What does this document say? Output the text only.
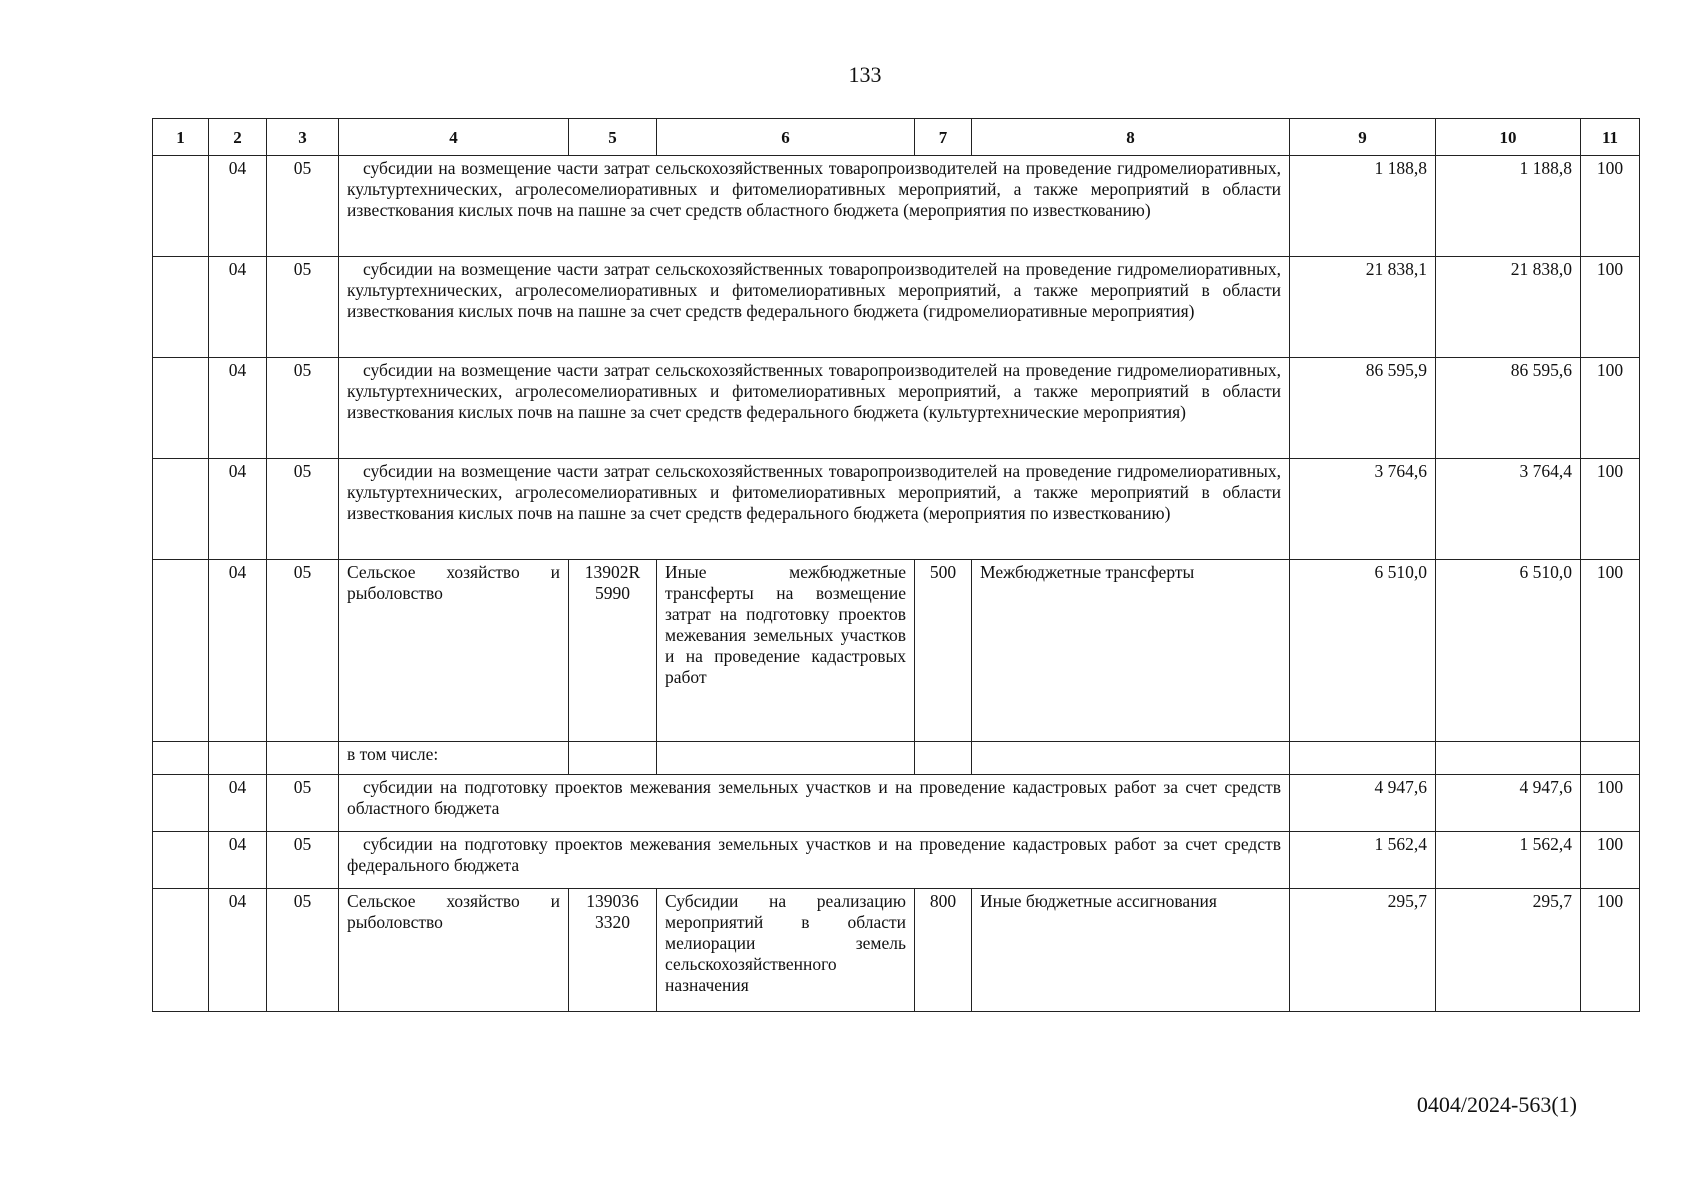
133
1	2	3	4	5	6	7	8	9	10	11
	04	05	субсидии на возмещение части затрат сельскохозяйственных товаропроизводителей на проведение гидромелиоративных, культуртехнических, агролесомелиоративных и фитомелиоративных мероприятий, а также мероприятий в области известкования кислых почв на пашне за счет средств областного бюджета (мероприятия по известкованию)					1 188,8	1 188,8	100
	04	05	субсидии на возмещение части затрат сельскохозяйственных товаропроизводителей на проведение гидромелиоративных, культуртехнических, агролесомелиоративных и фитомелиоративных мероприятий, а также мероприятий в области известкования кислых почв на пашне за счет средств федерального бюджета (гидромелиоративные мероприятия)					21 838,1	21 838,0	100
	04	05	субсидии на возмещение части затрат сельскохозяйственных товаропроизводителей на проведение гидромелиоративных, культуртехнических, агролесомелиоративных и фитомелиоративных мероприятий, а также мероприятий в области известкования кислых почв на пашне за счет средств федерального бюджета (культуртехнические мероприятия)					86 595,9	86 595,6	100
	04	05	субсидии на возмещение части затрат сельскохозяйственных товаропроизводителей на проведение гидромелиоративных, культуртехнических, агролесомелиоративных и фитомелиоративных мероприятий, а также мероприятий в области известкования кислых почв на пашне за счет средств федерального бюджета (мероприятия по известкованию)					3 764,6	3 764,4	100
	04	05	Сельское хозяйство и рыболовство	13902R 5990	Иные межбюджетные трансферты на возмещение затрат на подготовку проектов межевания земельных участков и на проведение кадастровых работ	500	Межбюджетные трансферты	6 510,0	6 510,0	100
			в том числе:							
	04	05	субсидии на подготовку проектов межевания земельных участков и на проведение кадастровых работ за счет средств областного бюджета					4 947,6	4 947,6	100
	04	05	субсидии на подготовку проектов межевания земельных участков и на проведение кадастровых работ за счет средств федерального бюджета					1 562,4	1 562,4	100
	04	05	Сельское хозяйство и рыболовство	139036 3320	Субсидии на реализацию мероприятий в области мелиорации земель сельскохозяйственного назначения	800	Иные бюджетные ассигнования	295,7	295,7	100
0404/2024-563(1)
